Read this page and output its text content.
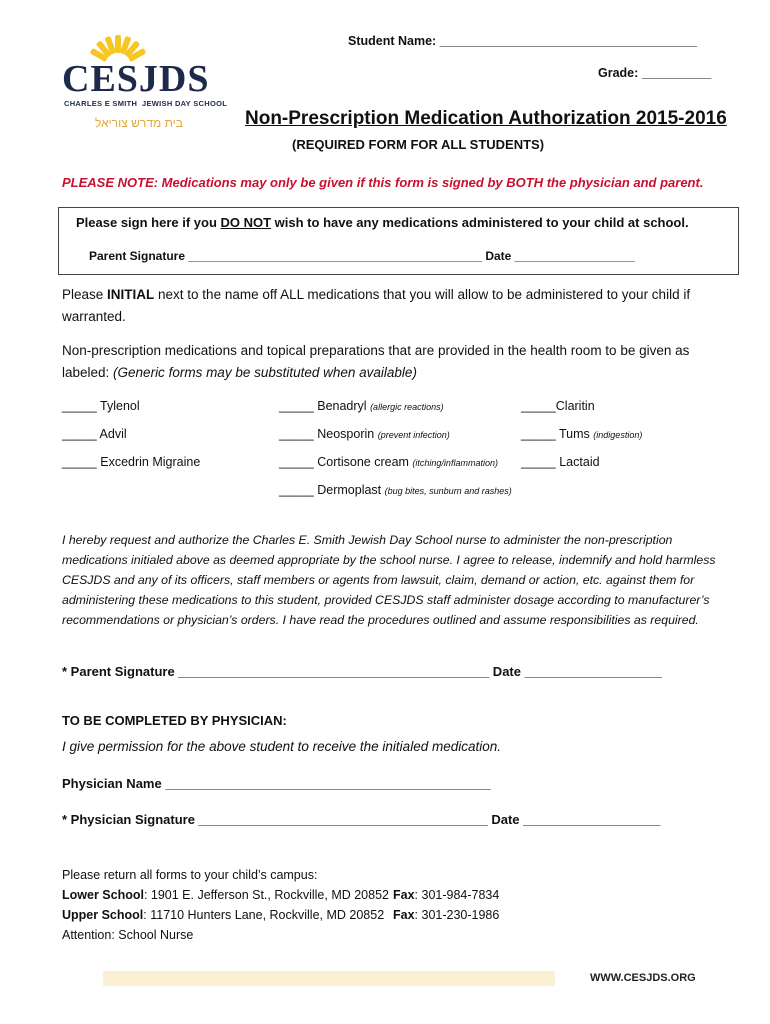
CESJDS
CHARLES E SMITH JEWISH DAY SCHOOL
בית מדרש צוריאל
Student Name: _____________________________________
Grade: __________
Non-Prescription Medication Authorization 2015-2016
(REQUIRED FORM FOR ALL STUDENTS)
PLEASE NOTE: Medications may only be given if this form is signed by BOTH the physician and parent.
Please sign here if you DO NOT wish to have any medications administered to your child at school.
Parent Signature ____________________________________________ Date __________________
Please INITIAL next to the name off ALL medications that you will allow to be administered to your child if warranted.
Non-prescription medications and topical preparations that are provided in the health room to be given as labeled: (Generic forms may be substituted when available)
_____ Tylenol
_____ Advil
_____ Excedrin Migraine
_____ Benadryl (allergic reactions)
_____ Neosporin (prevent infection)
_____ Cortisone cream (itching/inflammation)
_____ Dermoplast (bug bites, sunburn and rashes)
_____Claritin
_____ Tums (indigestion)
_____ Lactaid
I hereby request and authorize the Charles E. Smith Jewish Day School nurse to administer the non-prescription medications initialed above as deemed appropriate by the school nurse. I agree to release, indemnify and hold harmless CESJDS and any of its officers, staff members or agents from lawsuit, claim, demand or action, etc. against them for administering these medications to this student, provided CESJDS staff administer dosage according to manufacturer’s recommendations or physician’s orders. I have read the procedures outlined and assume responsibilities as required.
* Parent Signature ___________________________________________ Date ___________________
TO BE COMPLETED BY PHYSICIAN:
I give permission for the above student to receive the initialed medication.
Physician Name _____________________________________________
* Physician Signature ________________________________________ Date ___________________
Please return all forms to your child’s campus:
Lower School: 1901 E. Jefferson St., Rockville, MD 20852 Fax: 301-984-7834
Upper School: 11710 Hunters Lane, Rockville, MD 20852 Fax: 301-230-1986
Attention: School Nurse
WWW.CESJDS.ORG
